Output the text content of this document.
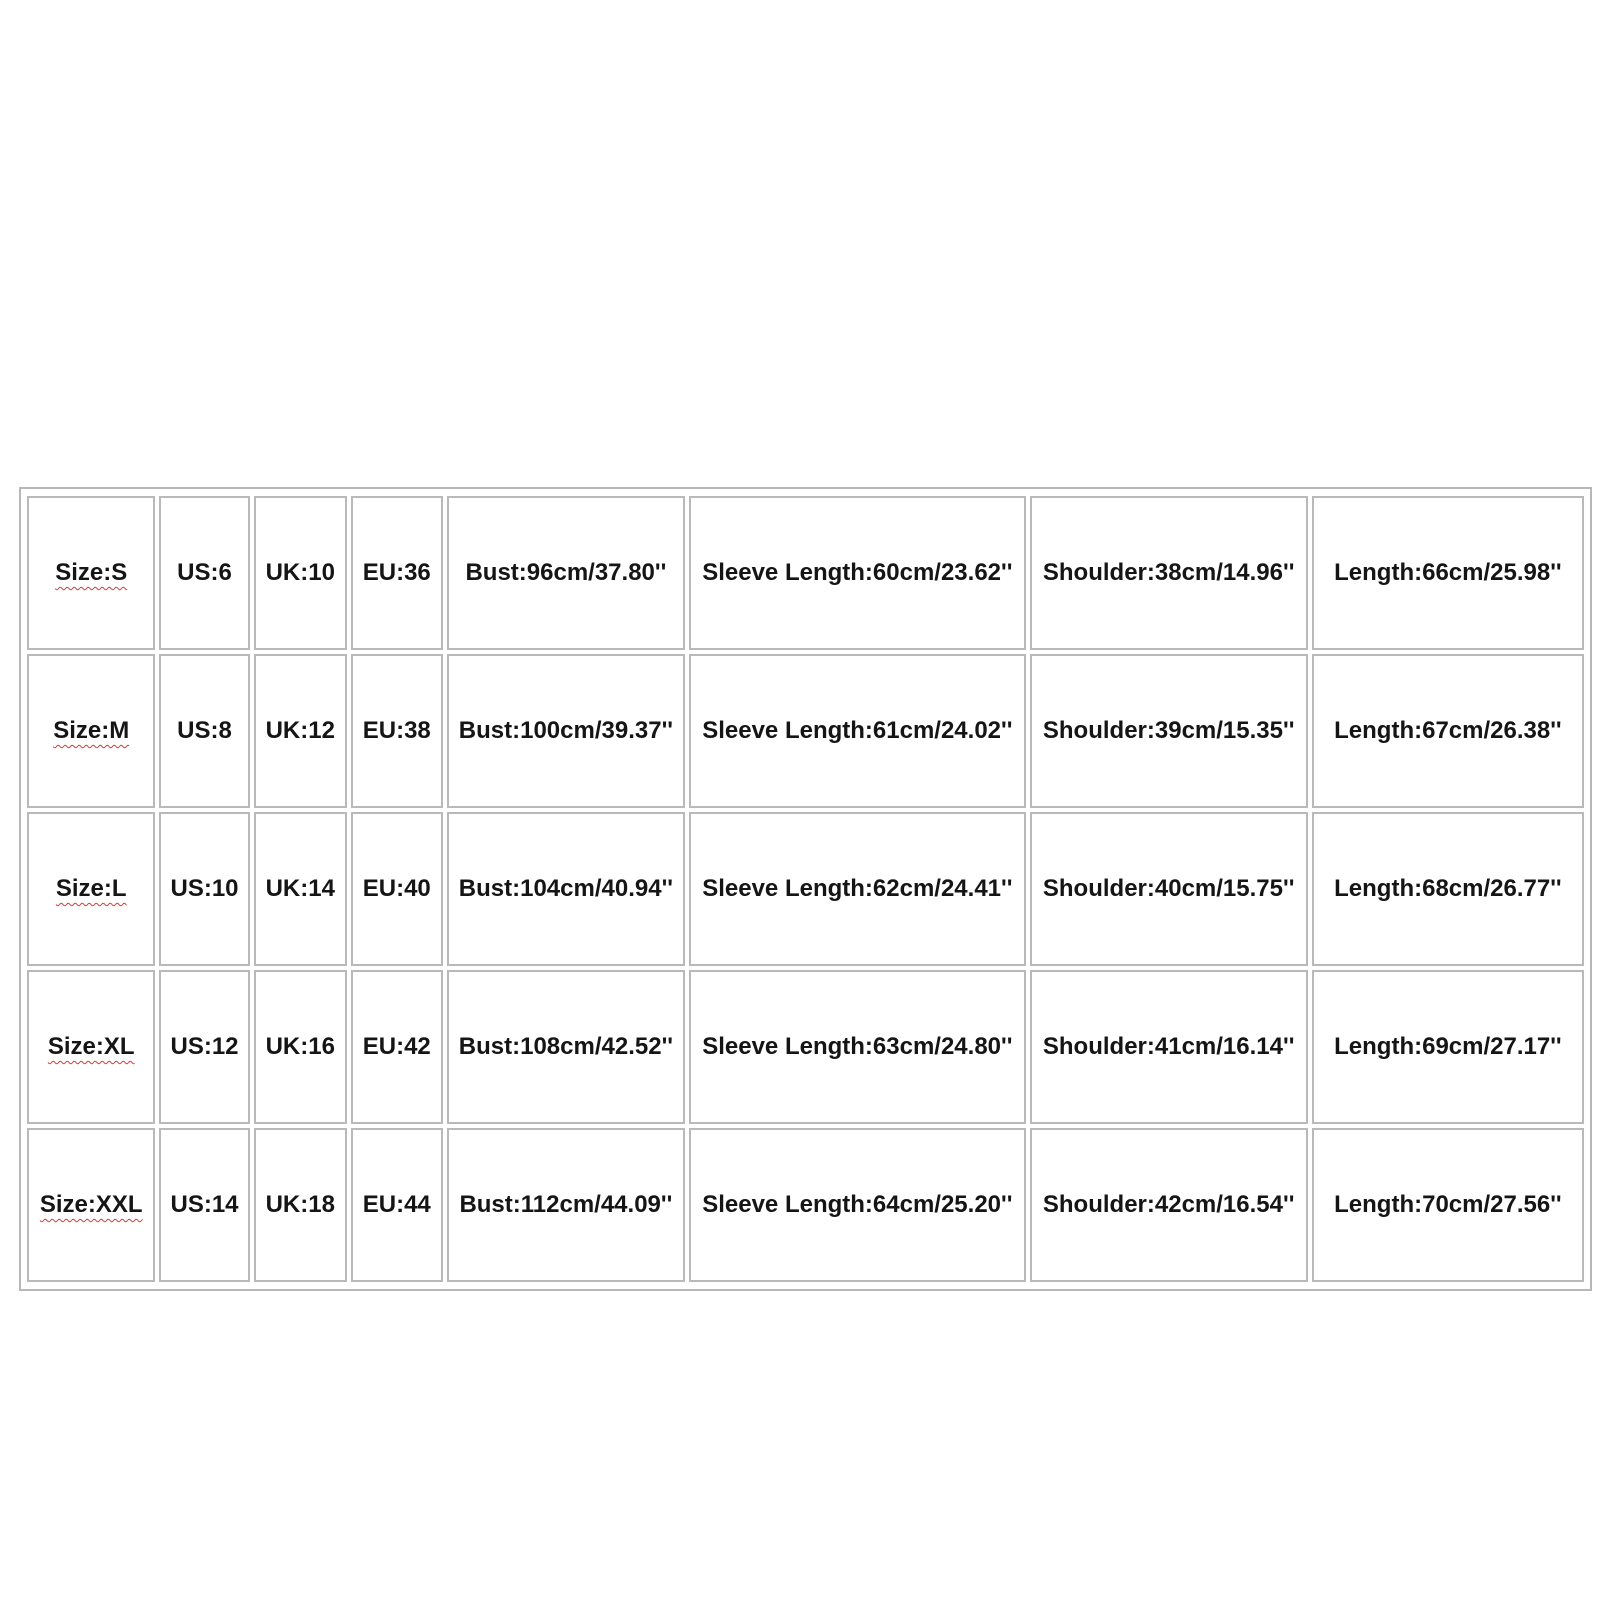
Size:S	US:6	UK:10	EU:36	Bust:96cm/37.80''	Sleeve Length:60cm/23.62''	Shoulder:38cm/14.96''	Length:66cm/25.98''
Size:M	US:8	UK:12	EU:38	Bust:100cm/39.37''	Sleeve Length:61cm/24.02''	Shoulder:39cm/15.35''	Length:67cm/26.38''
Size:L	US:10	UK:14	EU:40	Bust:104cm/40.94''	Sleeve Length:62cm/24.41''	Shoulder:40cm/15.75''	Length:68cm/26.77''
Size:XL	US:12	UK:16	EU:42	Bust:108cm/42.52''	Sleeve Length:63cm/24.80''	Shoulder:41cm/16.14''	Length:69cm/27.17''
Size:XXL	US:14	UK:18	EU:44	Bust:112cm/44.09''	Sleeve Length:64cm/25.20''	Shoulder:42cm/16.54''	Length:70cm/27.56''
